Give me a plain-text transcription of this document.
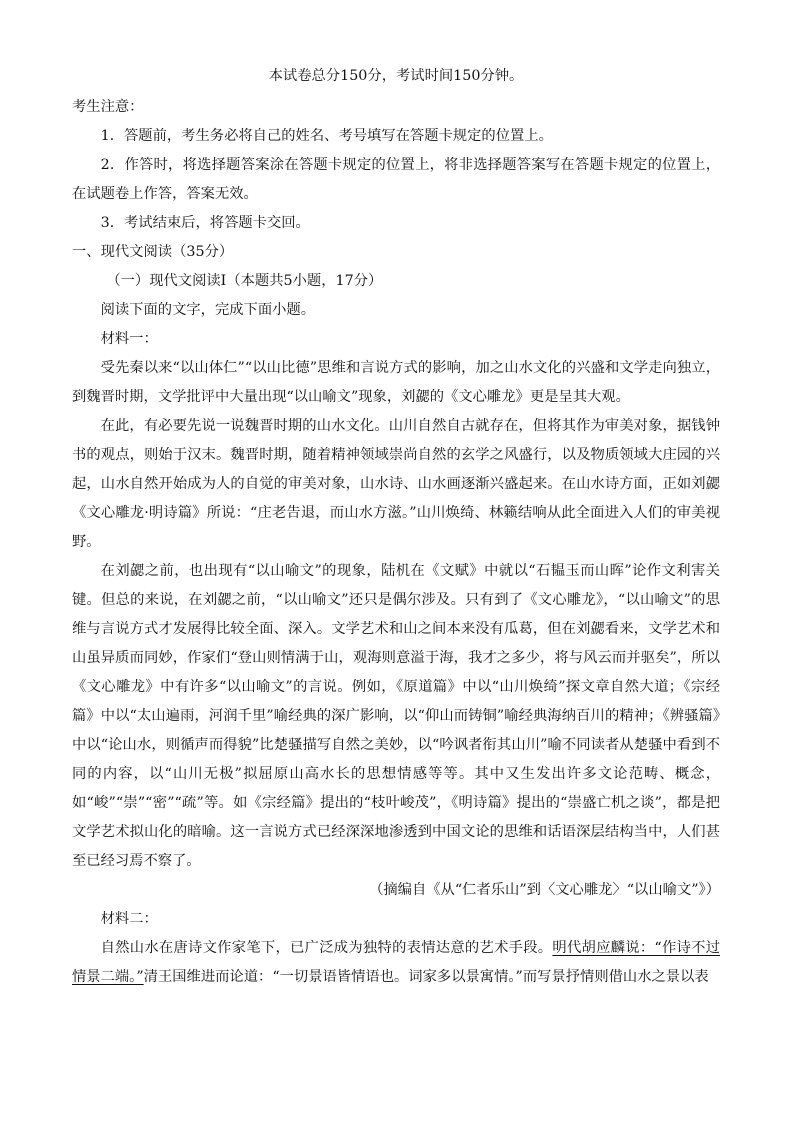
本试卷总分150分，考试时间150分钟。

考生注意：

1．答题前，考生务必将自己的姓名、考号填写在答题卡规定的位置上。

2．作答时，将选择题答案涂在答题卡规定的位置上，将非选择题答案写在答题卡规定的位置上，在试题卷上作答，答案无效。

3．考试结束后，将答题卡交回。

一、现代文阅读（35分）

（一）现代文阅读Ⅰ（本题共5小题，17分）

阅读下面的文字，完成下面小题。

材料一：

受先秦以来“以山体仁”“以山比德”思维和言说方式的影响，加之山水文化的兴盛和文学走向独立，到魏晋时期，文学批评中大量出现“以山喻文”现象，刘勰的《文心雕龙》更是呈其大观。

在此，有必要先说一说魏晋时期的山水文化。山川自然自古就存在，但将其作为审美对象，据钱钟书的观点，则始于汉末。魏晋时期，随着精神领域崇尚自然的玄学之风盛行，以及物质领域大庄园的兴起，山水自然开始成为人的自觉的审美对象，山水诗、山水画逐渐兴盛起来。在山水诗方面，正如刘勰《文心雕龙·明诗篇》所说：“庄老告退，而山水方滋。”山川焕绮、林籁结响从此全面进入人们的审美视野。

在刘勰之前，也出现有“以山喻文”的现象，陆机在《文赋》中就以“石韫玉而山晖”论作文利害关键。但总的来说，在刘勰之前，“以山喻文”还只是偶尔涉及。只有到了《文心雕龙》，“以山喻文”的思维与言说方式才发展得比较全面、深入。文学艺术和山之间本来没有瓜葛，但在刘勰看来，文学艺术和山虽异质而同妙，作家们“登山则情满于山，观海则意溢于海，我才之多少，将与风云而并驱矣”，所以《文心雕龙》中有许多“以山喻文”的言说。例如，《原道篇》中以“山川焕绮”探文章自然大道；《宗经篇》中以“太山遍雨，河润千里”喻经典的深广影响，以“仰山而铸铜”喻经典海纳百川的精神；《辨骚篇》中以“论山水，则循声而得貌”比楚骚描写自然之美妙，以“吟讽者衔其山川”喻不同读者从楚骚中看到不同的内容，以“山川无极”拟屈原山高水长的思想情感等等。其中又生发出许多文论范畴、概念，如“峻”“崇”“密”“疏”等。如《宗经篇》提出的“枝叶峻茂”，《明诗篇》提出的“崇盛亡机之谈”，都是把文学艺术拟山化的暗喻。这一言说方式已经深深地渗透到中国文论的思维和话语深层结构当中，人们甚至已经习焉不察了。

（摘编自《从“仁者乐山”到〈文心雕龙〉“以山喻文”》）

材料二：

自然山水在唐诗文作家笔下，已广泛成为独特的表情达意的艺术手段。明代胡应麟说：“作诗不过情景二端。”清王国维进而论道：“一切景语皆情语也。词家多以景寓情。”而写景抒情则借山水之景以表
